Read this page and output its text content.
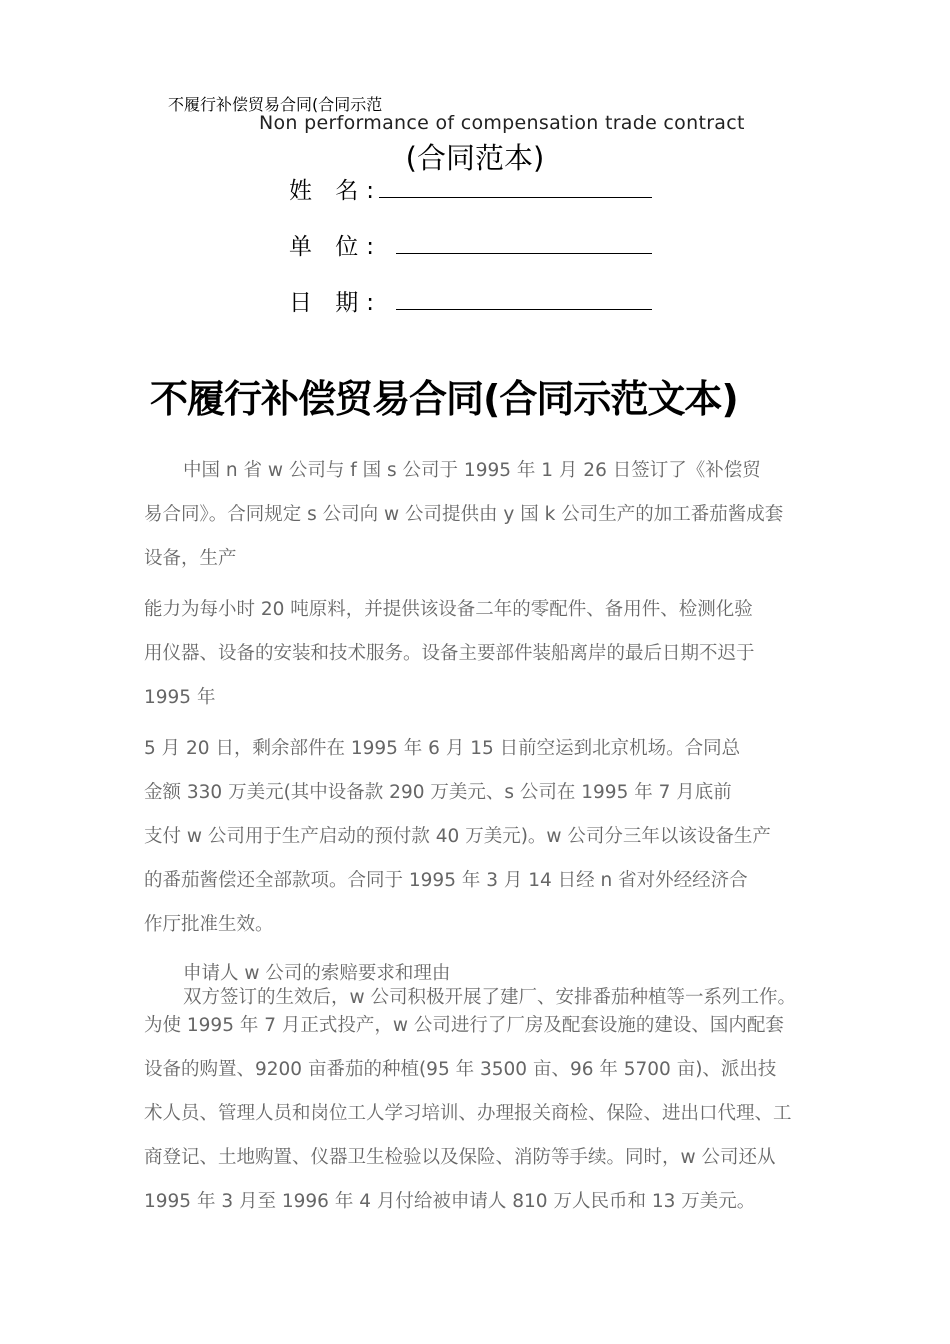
不履行补偿贸易合同(合同示范
Non performance of compensation trade contract
(合同范本)
姓 名:
单 位:
日 期:
不履行补偿贸易合同(合同示范文本)
中国 n 省 w 公司与 f 国 s 公司于 1995 年 1 月 26 日签订了《补偿贸
易合同》。合同规定 s 公司向 w 公司提供由 y 国 k 公司生产的加工番茄酱成套
设备，生产
能力为每小时 20 吨原料，并提供该设备二年的零配件、备用件、检测化验
用仪器、设备的安装和技术服务。设备主要部件装船离岸的最后日期不迟于
1995 年
5 月 20 日，剩余部件在 1995 年 6 月 15 日前空运到北京机场。合同总
金额 330 万美元(其中设备款 290 万美元、s 公司在 1995 年 7 月底前
支付 w 公司用于生产启动的预付款 40 万美元)。w 公司分三年以该设备生产
的番茄酱偿还全部款项。合同于 1995 年 3 月 14 日经 n 省对外经经济合
作厅批准生效。
申请人 w 公司的索赔要求和理由
双方签订的生效后，w 公司积极开展了建厂、安排番茄种植等一系列工作。
为使 1995 年 7 月正式投产，w 公司进行了厂房及配套设施的建设、国内配套
设备的购置、9200 亩番茄的种植(95 年 3500 亩、96 年 5700 亩)、派出技
术人员、管理人员和岗位工人学习培训、办理报关商检、保险、进出口代理、工
商登记、土地购置、仪器卫生检验以及保险、消防等手续。同时，w 公司还从
1995 年 3 月至 1996 年 4 月付给被申请人 810 万人民币和 13 万美元。
